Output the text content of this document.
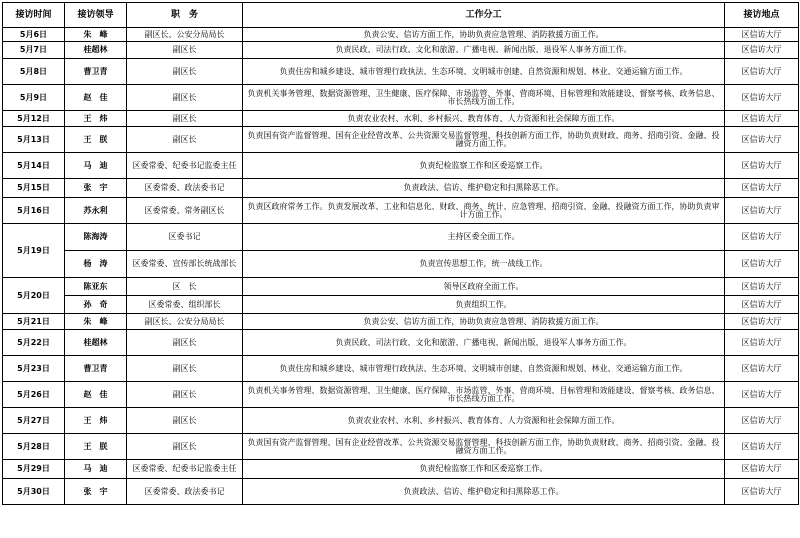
接访时间	接访领导	职　务	工作分工	接访地点
5月6日	朱　峰	副区长、公安分局局长	负责公安、信访方面工作，协助负责应急管理、消防救援方面工作。	区信访大厅
5月7日	桂超林	副区长	负责民政、司法行政、文化和旅游、广播电视、新闻出版、退役军人事务方面工作。	区信访大厅
5月8日	曹卫青	副区长	负责住房和城乡建设、城市管理行政执法、生态环境、文明城市创建、自然资源和规划、林业、交通运输方面工作。	区信访大厅
5月9日	赵　佳	副区长	负责机关事务管理、数据资源管理、卫生健康、医疗保障、市场监管、外事、营商环境、目标管理和效能建设、督察考核、政务信息、市长热线方面工作。	区信访大厅
5月12日	王　炜	副区长	负责农业农村、水利、乡村振兴、教育体育、人力资源和社会保障方面工作。	区信访大厅
5月13日	王　朕	副区长	负责国有资产监督管理、国有企业经营改革、公共资源交易监督管理、科技创新方面工作，协助负责财政、商务、招商引资、金融、投融资方面工作。	区信访大厅
5月14日	马　迪	区委常委、纪委书记监委主任	负责纪检监察工作和区委巡察工作。	区信访大厅
5月15日	张　宇	区委常委、政法委书记	负责政法、信访、维护稳定和扫黑除恶工作。	区信访大厅
5月16日	苏永利	区委常委、常务副区长	负责区政府常务工作。负责发展改革、工业和信息化、财政、商务、统计、应急管理、招商引资、金融、投融资方面工作，协助负责审计方面工作。	区信访大厅
5月19日	陈海涛	区委书记	主持区委全面工作。	区信访大厅
	杨　涛	区委常委、宣传部长统战部长	负责宣传思想工作，统一战线工作。	区信访大厅
5月20日	陈亚东	区　长	领导区政府全面工作。	区信访大厅
	孙　奇	区委常委、组织部长	负责组织工作。	区信访大厅
5月21日	朱　峰	副区长、公安分局局长	负责公安、信访方面工作，协助负责应急管理、消防救援方面工作。	区信访大厅
5月22日	桂超林	副区长	负责民政、司法行政、文化和旅游、广播电视、新闻出版、退役军人事务方面工作。	区信访大厅
5月23日	曹卫青	副区长	负责住房和城乡建设、城市管理行政执法、生态环境、文明城市创建、自然资源和规划、林业、交通运输方面工作。	区信访大厅
5月26日	赵　佳	副区长	负责机关事务管理、数据资源管理、卫生健康、医疗保障、市场监管、外事、营商环境、目标管理和效能建设、督察考核、政务信息、市长热线方面工作。	区信访大厅
5月27日	王　炜	副区长	负责农业农村、水利、乡村振兴、教育体育、人力资源和社会保障方面工作。	区信访大厅
5月28日	王　朕	副区长	负责国有资产监督管理、国有企业经营改革、公共资源交易监督管理、科技创新方面工作，协助负责财政、商务、招商引资、金融、投融资方面工作。	区信访大厅
5月29日	马　迪	区委常委、纪委书记监委主任	负责纪检监察工作和区委巡察工作。	区信访大厅
5月30日	张　宇	区委常委、政法委书记	负责政法、信访、维护稳定和扫黑除恶工作。	区信访大厅
